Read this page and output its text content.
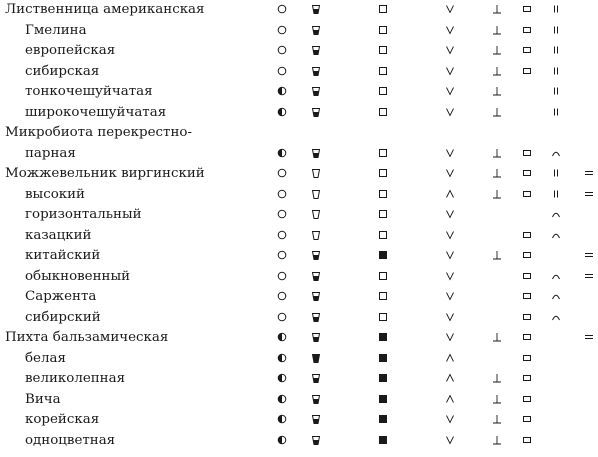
Лиственница американская
Гмелина
европейская
сибирская
тонкочешуйчатая
широкочешуйчатая
Микробиота перекрестно-
парная
Можжевельник виргинский
высокий
горизонтальный
казацкий
китайский
обыкновенный
Саржента
сибирский
Пихта бальзамическая
белая
великолепная
Вича
корейская
одноцветная
